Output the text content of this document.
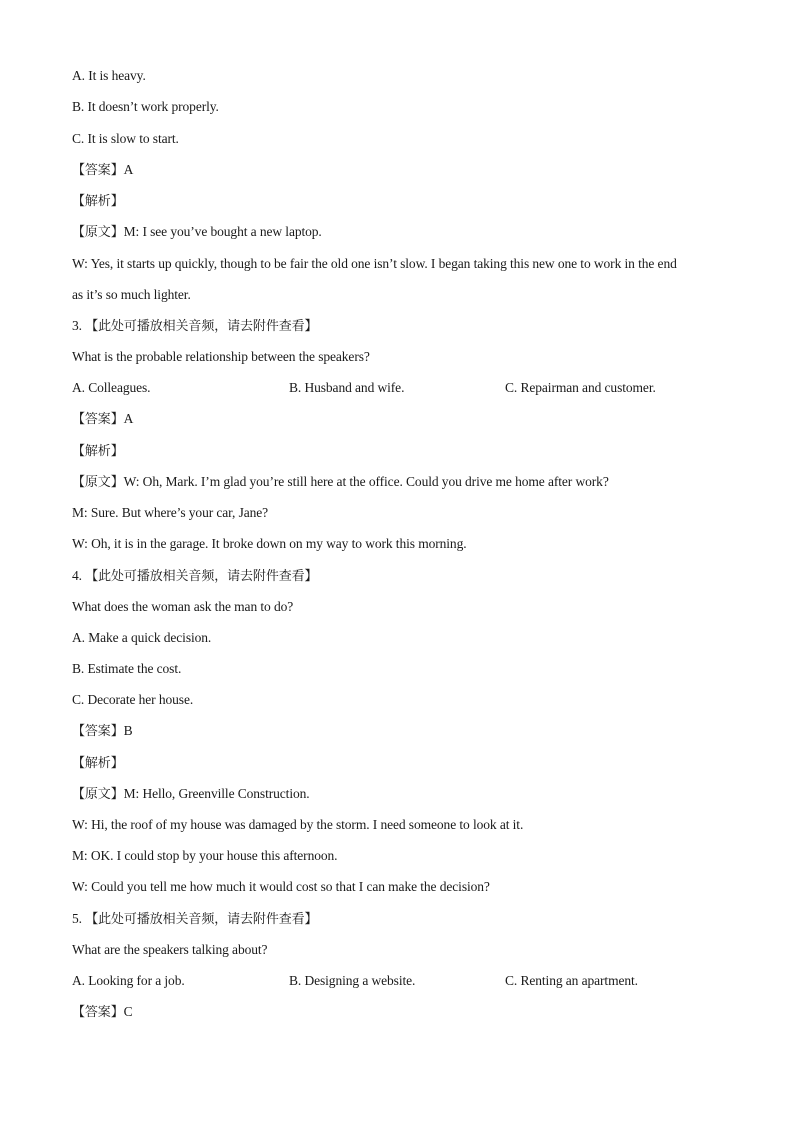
A. It is heavy.
B. It doesn’t work properly.
C. It is slow to start.
【答案】A
【解析】
【原文】M: I see you’ve bought a new laptop.
W: Yes, it starts up quickly, though to be fair the old one isn’t slow. I began taking this new one to work in the end
as it’s so much lighter.
3. 【此处可播放相关音频，请去附件查看】
What is the probable relationship between the speakers?
A. Colleagues.	B. Husband and wife.	C. Repairman and customer.
【答案】A
【解析】
【原文】W: Oh, Mark. I’m glad you’re still here at the office. Could you drive me home after work?
M: Sure. But where’s your car, Jane?
W: Oh, it is in the garage. It broke down on my way to work this morning.
4. 【此处可播放相关音频，请去附件查看】
What does the woman ask the man to do?
A. Make a quick decision.
B. Estimate the cost.
C. Decorate her house.
【答案】B
【解析】
【原文】M: Hello, Greenville Construction.
W: Hi, the roof of my house was damaged by the storm. I need someone to look at it.
M: OK. I could stop by your house this afternoon.
W: Could you tell me how much it would cost so that I can make the decision?
5. 【此处可播放相关音频，请去附件查看】
What are the speakers talking about?
A. Looking for a job.	B. Designing a website.	C. Renting an apartment.
【答案】C
